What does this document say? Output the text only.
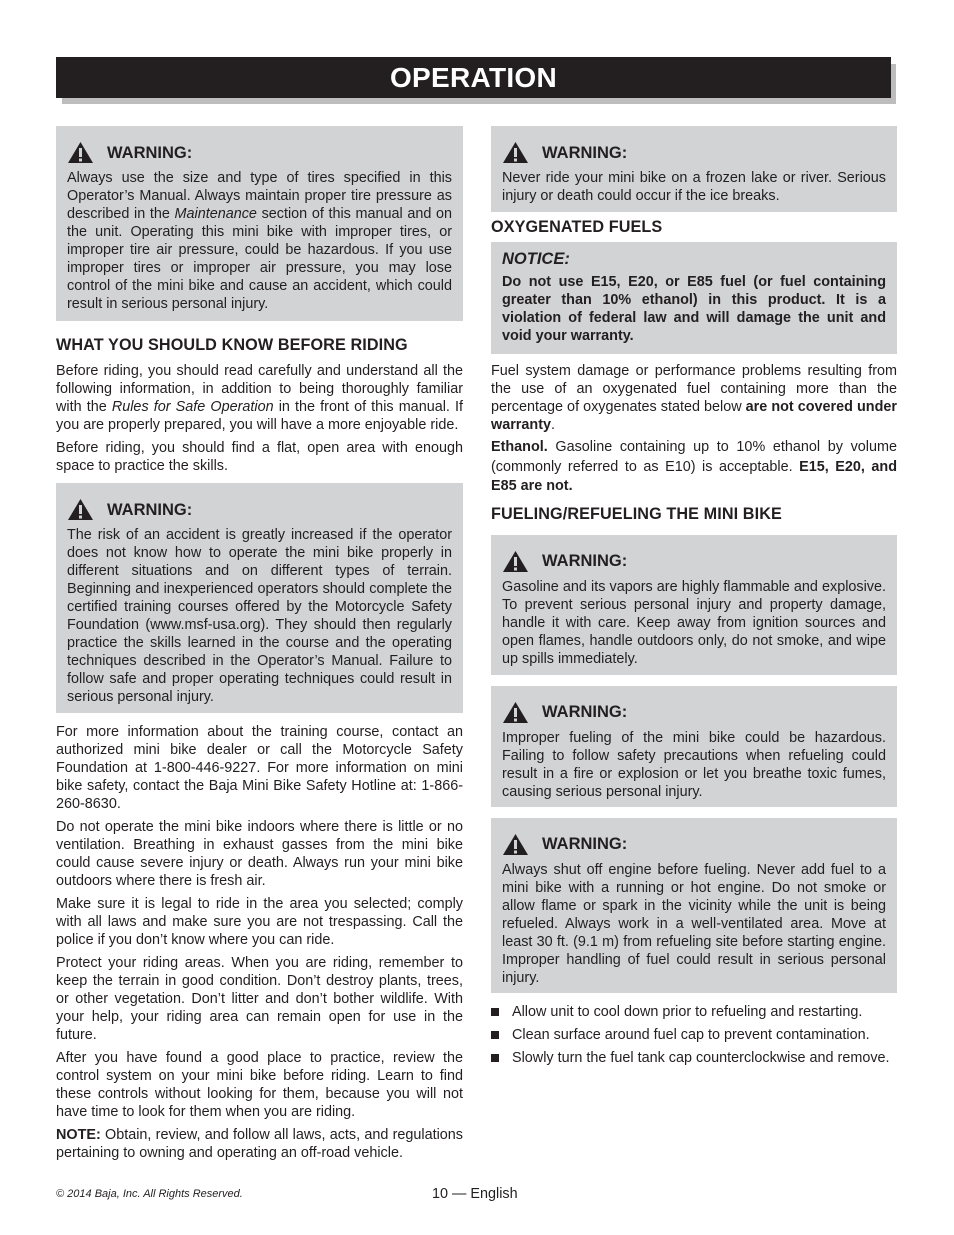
OPERATION
WARNING:

Always use the size and type of tires specified in this Operator’s Manual. Always maintain proper tire pressure as described in the Maintenance section of this manual and on the unit. Operating this mini bike with improper tires, or improper tire air pressure, could be hazardous. If you use improper tires or improper air pressure, you may lose control of the mini bike and cause an accident, which could result in serious personal injury.

WHAT YOU SHOULD KNOW BEFORE RIDING

Before riding, you should read carefully and understand all the following information, in addition to being thoroughly familiar with the Rules for Safe Operation in the front of this manual. If you are properly prepared, you will have a more enjoyable ride.

Before riding, you should find a flat, open area with enough space to practice the skills.

WARNING:

The risk of an accident is greatly increased if the operator does not know how to operate the mini bike properly in different situations and on different types of terrain. Beginning and inexperienced operators should complete the certified training courses offered by the Motorcycle Safety Foundation (www.msf-usa.org). They should then regularly practice the skills learned in the course and the operating techniques described in the Operator’s Manual. Failure to follow safe and proper operating techniques could result in serious personal injury.

For more information about the training course, contact an authorized mini bike dealer or call the Motorcycle Safety Foundation at 1-800-446-9227. For more information on mini bike safety, contact the Baja Mini Bike Safety Hotline at: 1-866-260-8630.

Do not operate the mini bike indoors where there is little or no ventilation. Breathing in exhaust gasses from the mini bike could cause severe injury or death. Always run your mini bike outdoors where there is fresh air.

Make sure it is legal to ride in the area you selected; comply with all laws and make sure you are not trespassing. Call the police if you don’t know where you can ride.

Protect your riding areas. When you are riding, remember to keep the terrain in good condition. Don’t destroy plants, trees, or other vegetation. Don’t litter and don’t bother wildlife. With your help, your riding area can remain open for use in the future.

After you have found a good place to practice, review the control system on your mini bike before riding. Learn to find these controls without looking for them, because you will not have time to look for them when you are riding.

NOTE: Obtain, review, and follow all laws, acts, and regulations pertaining to owning and operating an off-road vehicle.

WARNING:

Never ride your mini bike on a frozen lake or river. Serious injury or death could occur if the ice breaks.

OXYGENATED FUELS
NOTICE:

Do not use E15, E20, or E85 fuel (or fuel containing greater than 10% ethanol) in this product. It is a violation of federal law and will damage the unit and void your warranty.

Fuel system damage or performance problems resulting from the use of an oxygenated fuel containing more than the percentage of oxygenates stated below are not covered under warranty.

Ethanol. Gasoline containing up to 10% ethanol by volume (commonly referred to as E10) is acceptable. E15, E20, and E85 are not.

FUELING/REFUELING THE MINI BIKE
WARNING:

Gasoline and its vapors are highly flammable and explosive. To prevent serious personal injury and property damage, handle it with care. Keep away from ignition sources and open flames, handle outdoors only, do not smoke, and wipe up spills immediately.

WARNING:

Improper fueling of the mini bike could be hazardous. Failing to follow safety precautions when refueling could result in a fire or explosion or let you breathe toxic fumes, causing serious personal injury.

WARNING:

Always shut off engine before fueling. Never add fuel to a mini bike with a running or hot engine. Do not smoke or allow flame or spark in the vicinity while the unit is being refueled. Always work in a well-ventilated area. Move at least 30 ft. (9.1 m) from refueling site before starting engine. Improper handling of fuel could result in serious personal injury.

Allow unit to cool down prior to refueling and restarting.
Clean surface around fuel cap to prevent contamination.
Slowly turn the fuel tank cap counterclockwise and remove.
© 2014 Baja, Inc. All Rights Reserved.	10 — English
